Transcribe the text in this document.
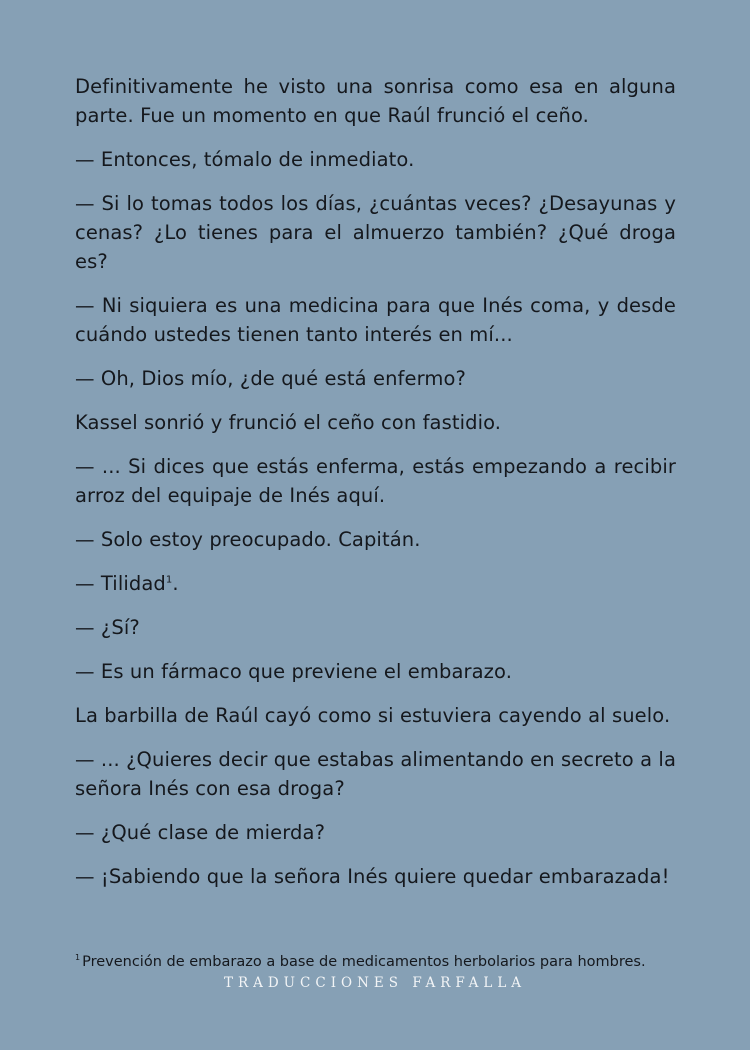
Definitivamente he visto una sonrisa como esa en alguna parte. Fue un momento en que Raúl frunció el ceño.

— Entonces, tómalo de inmediato.

— Si lo tomas todos los días, ¿cuántas veces? ¿Desayunas y cenas? ¿Lo tienes para el almuerzo también? ¿Qué droga es?

— Ni siquiera es una medicina para que Inés coma, y desde cuándo ustedes tienen tanto interés en mí...

— Oh, Dios mío, ¿de qué está enfermo?

Kassel sonrió y frunció el ceño con fastidio.

— ... Si dices que estás enferma, estás empezando a recibir arroz del equipaje de Inés aquí.

— Solo estoy preocupado. Capitán.

— Tilidad$^1$.

— ¿Sí?

— Es un fármaco que previene el embarazo.

La barbilla de Raúl cayó como si estuviera cayendo al suelo.

— ... ¿Quieres decir que estabas alimentando en secreto a la señora Inés con esa droga?

— ¿Qué clase de mierda?

— ¡Sabiendo que la señora Inés quiere quedar embarazada!

$^1$ Prevención de embarazo a base de medicamentos herbolarios para hombres.
TRADUCCIONES FARFALLA
